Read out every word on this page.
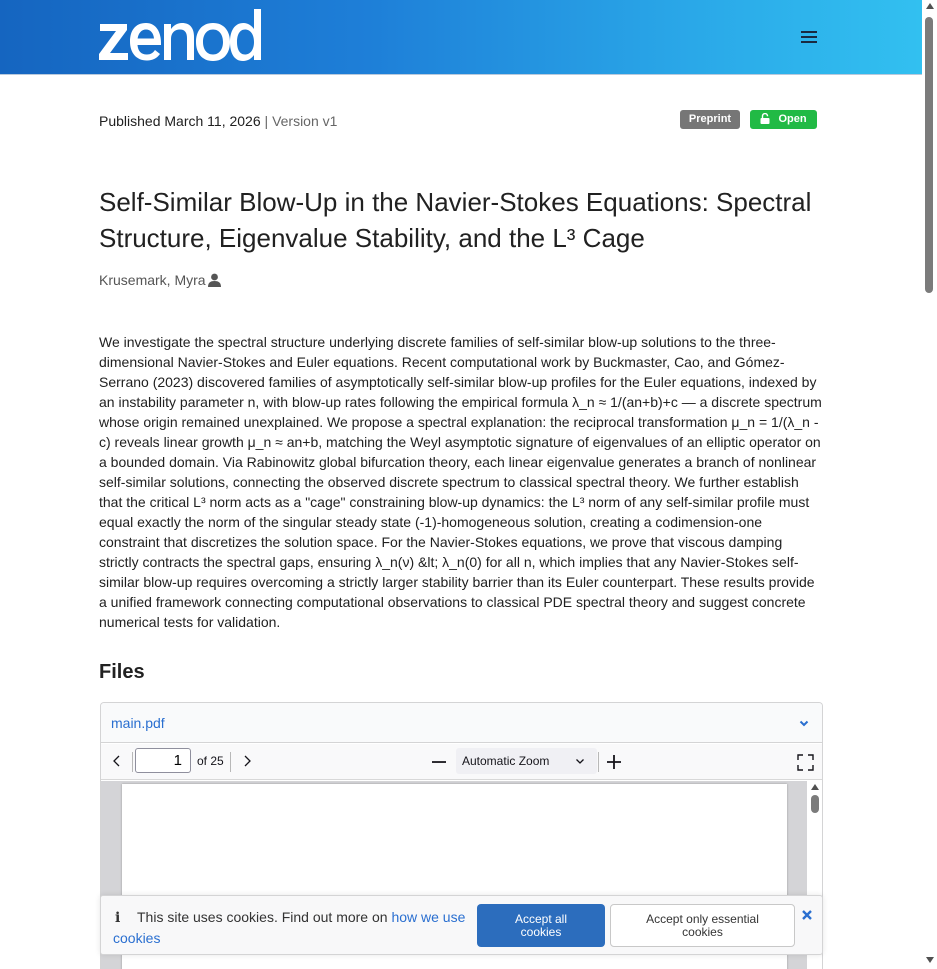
Published March 11, 2026 | Version v1	Preprint	Open
Self-Similar Blow-Up in the Navier-Stokes Equations: Spectral Structure, Eigenvalue Stability, and the L³ Cage
Krusemark, Myra

We investigate the spectral structure underlying discrete families of self-similar blow-up solutions to the three-dimensional Navier-Stokes and Euler equations. Recent computational work by Buckmaster, Cao, and Gómez-Serrano (2023) discovered families of asymptotically self-similar blow-up profiles for the Euler equations, indexed by an instability parameter n, with blow-up rates following the empirical formula λ_n ≈ 1/(an+b)+c — a discrete spectrum whose origin remained unexplained. We propose a spectral explanation: the reciprocal transformation μ_n = 1/(λ_n - c) reveals linear growth μ_n ≈ an+b, matching the Weyl asymptotic signature of eigenvalues of an elliptic operator on a bounded domain. Via Rabinowitz global bifurcation theory, each linear eigenvalue generates a branch of nonlinear self-similar solutions, connecting the observed discrete spectrum to classical spectral theory. We further establish that the critical L³ norm acts as a "cage" constraining blow-up dynamics: the L³ norm of any self-similar profile must equal exactly the norm of the singular steady state (-1)-homogeneous solution, creating a codimension-one constraint that discretizes the solution space. For the Navier-Stokes equations, we prove that viscous damping strictly contracts the spectral gaps, ensuring λ_n(ν) &lt; λ_n(0) for all n, which implies that any Navier-Stokes self-similar blow-up requires overcoming a strictly larger stability barrier than its Euler counterpart. These results provide a unified framework connecting computational observations to classical PDE spectral theory and suggest concrete numerical tests for validation.

Files
main.pdf
1	of 25	Automatic Zoom
i This site uses cookies. Find out more on how we use cookies
Accept all cookies
Accept only essential cookies
